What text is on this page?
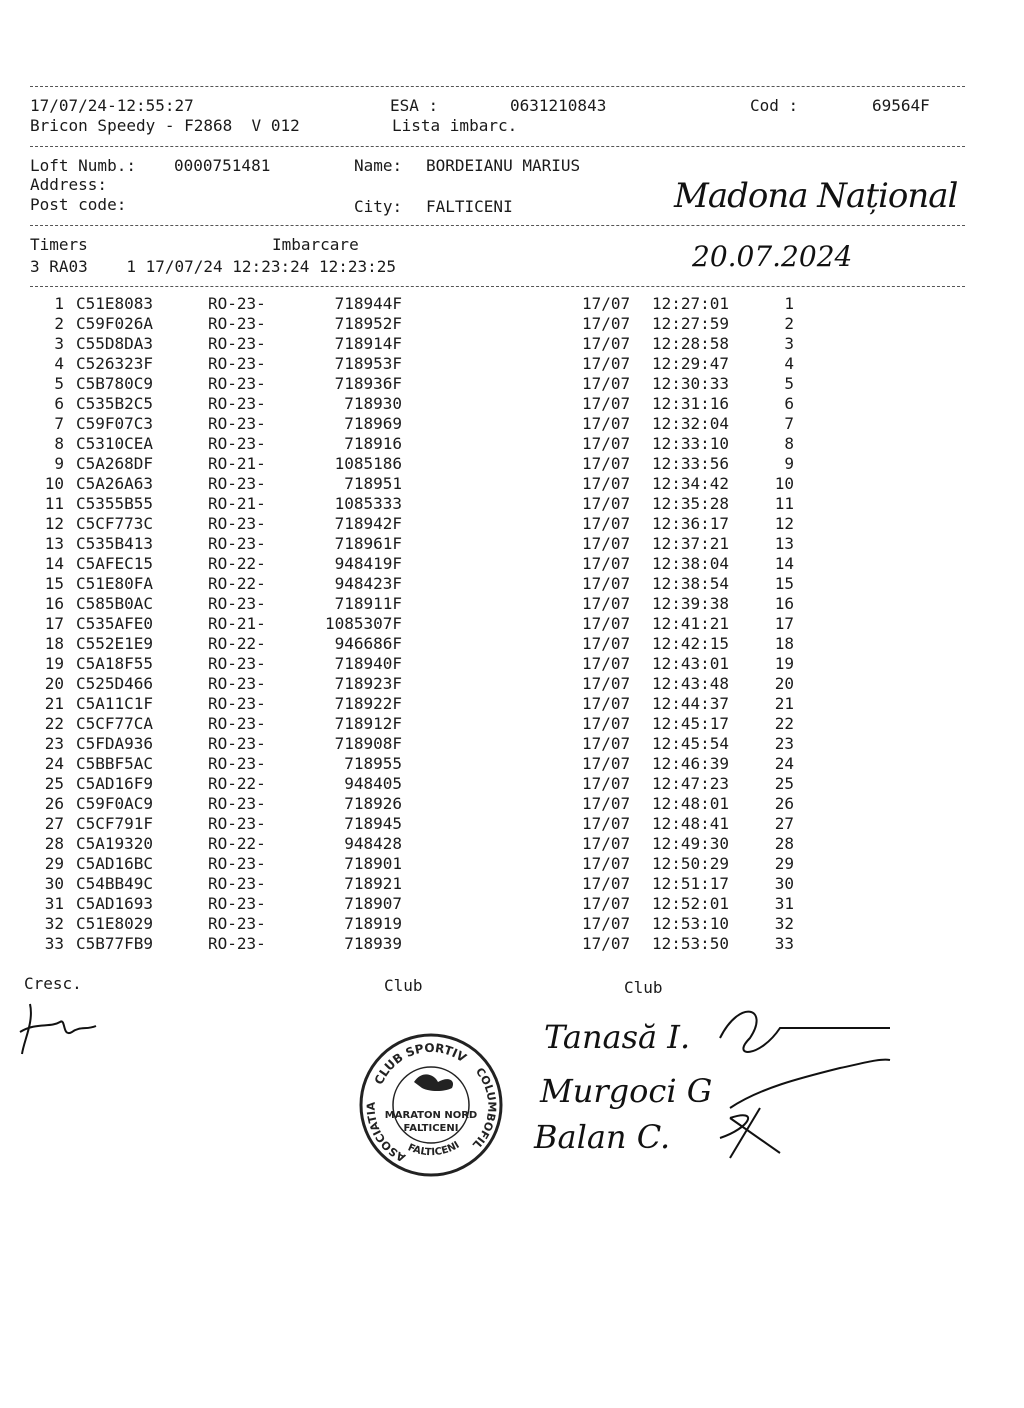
17/07/24-12:55:27	ESA :	0631210843	Cod :	69564F
Bricon Speedy - F2868  V 012	Lista imbarc.
Loft Numb.: 0000751481	Name: BORDEIANU MARIUS
Address:
Post code:	City: FALTICENI	Madona Național
Timers	Imbarcare
3 RA03    1 17/07/24 12:23:24 12:23:25	20.07.2024
1 C51E8083	RO-23-	718944F	17/07 12:27:01	1
2 C59F026A	RO-23-	718952F	17/07 12:27:59	2
3 C55D8DA3	RO-23-	718914F	17/07 12:28:58	3
4 C526323F	RO-23-	718953F	17/07 12:29:47	4
5 C5B780C9	RO-23-	718936F	17/07 12:30:33	5
6 C535B2C5	RO-23-	718930	17/07 12:31:16	6
7 C59F07C3	RO-23-	718969	17/07 12:32:04	7
8 C5310CEA	RO-23-	718916	17/07 12:33:10	8
9 C5A268DF	RO-21-	1085186	17/07 12:33:56	9
10 C5A26A63	RO-23-	718951	17/07 12:34:42	10
11 C5355B55	RO-21-	1085333	17/07 12:35:28	11
12 C5CF773C	RO-23-	718942F	17/07 12:36:17	12
13 C535B413	RO-23-	718961F	17/07 12:37:21	13
14 C5AFEC15	RO-22-	948419F	17/07 12:38:04	14
15 C51E80FA	RO-22-	948423F	17/07 12:38:54	15
16 C585B0AC	RO-23-	718911F	17/07 12:39:38	16
17 C535AFE0	RO-21-	1085307F	17/07 12:41:21	17
18 C552E1E9	RO-22-	946686F	17/07 12:42:15	18
19 C5A18F55	RO-23-	718940F	17/07 12:43:01	19
20 C525D466	RO-23-	718923F	17/07 12:43:48	20
21 C5A11C1F	RO-23-	718922F	17/07 12:44:37	21
22 C5CF77CA	RO-23-	718912F	17/07 12:45:17	22
23 C5FDA936	RO-23-	718908F	17/07 12:45:54	23
24 C5BBF5AC	RO-23-	718955	17/07 12:46:39	24
25 C5AD16F9	RO-22-	948405	17/07 12:47:23	25
26 C59F0AC9	RO-23-	718926	17/07 12:48:01	26
27 C5CF791F	RO-23-	718945	17/07 12:48:41	27
28 C5A19320	RO-22-	948428	17/07 12:49:30	28
29 C5AD16BC	RO-23-	718901	17/07 12:50:29	29
30 C54BB49C	RO-23-	718921	17/07 12:51:17	30
31 C5AD1693	RO-23-	718907	17/07 12:52:01	31
32 C51E8029	RO-23-	718919	17/07 12:53:10	32
33 C5B77FB9	RO-23-	718939	17/07 12:53:50	33
Cresc.	Club	Club
Tanasă I.
Murgoci G
Balan C.
CLUB SPORTIV
ASOCIATIA
COLUMBOFIL
FALTICENI
MARATON NORD
FALTICENI
